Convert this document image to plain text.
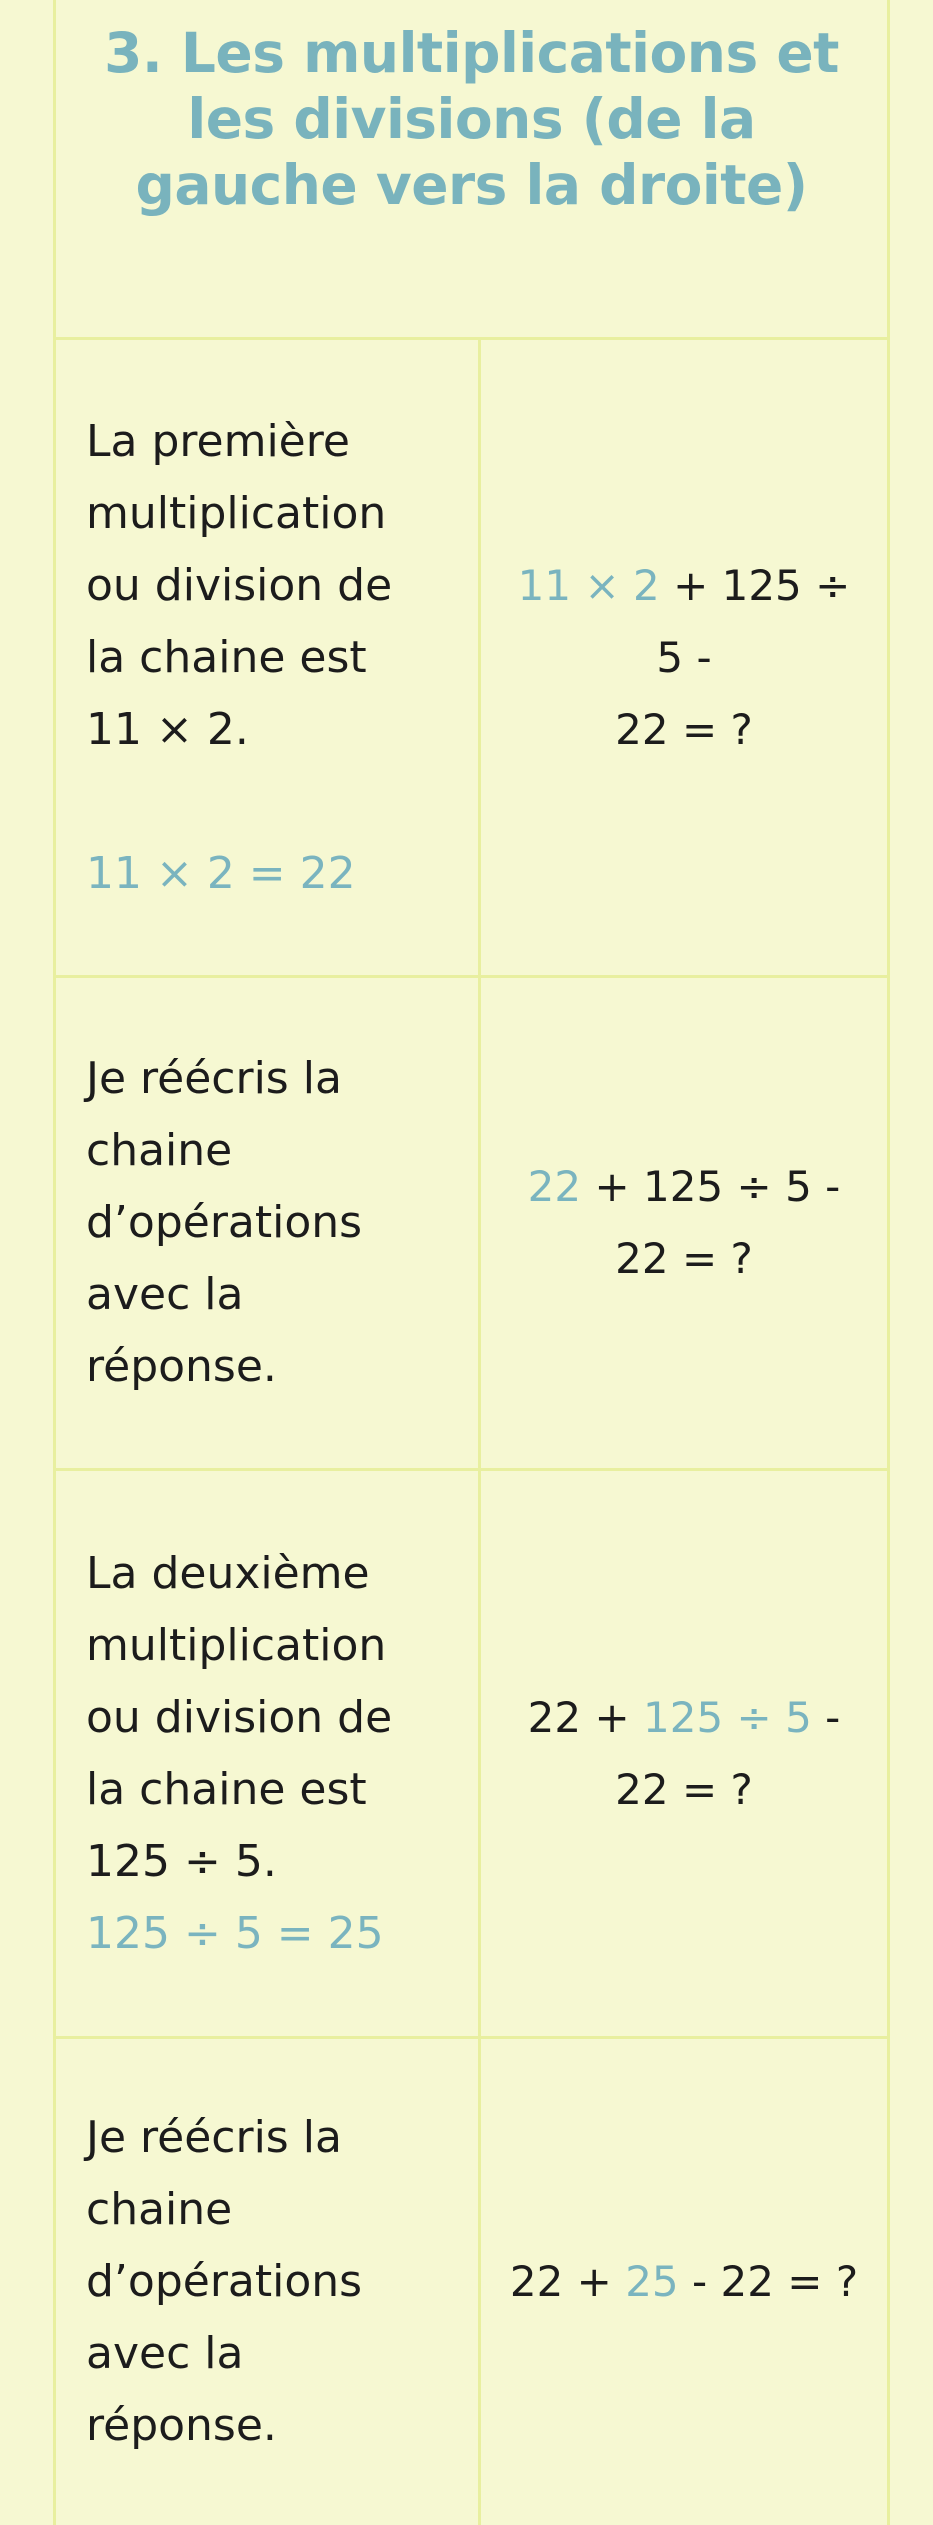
3. Les multiplications et les divisions (de la gauche vers la droite)
La première
multiplication
ou division de
la chaine est
11 × 2.
11 × 2 = 22
11 × 2 + 125 ÷ 5 -
22 = ?
Je réécris la
chaine
d’opérations
avec la
réponse.
22 + 125 ÷ 5 -
22 = ?
La deuxième
multiplication
ou division de
la chaine est
125 ÷ 5.
125 ÷ 5 = 25
22 + 125 ÷ 5 -
22 = ?
Je réécris la
chaine
d’opérations
avec la
réponse.
22 + 25 - 22 = ?
